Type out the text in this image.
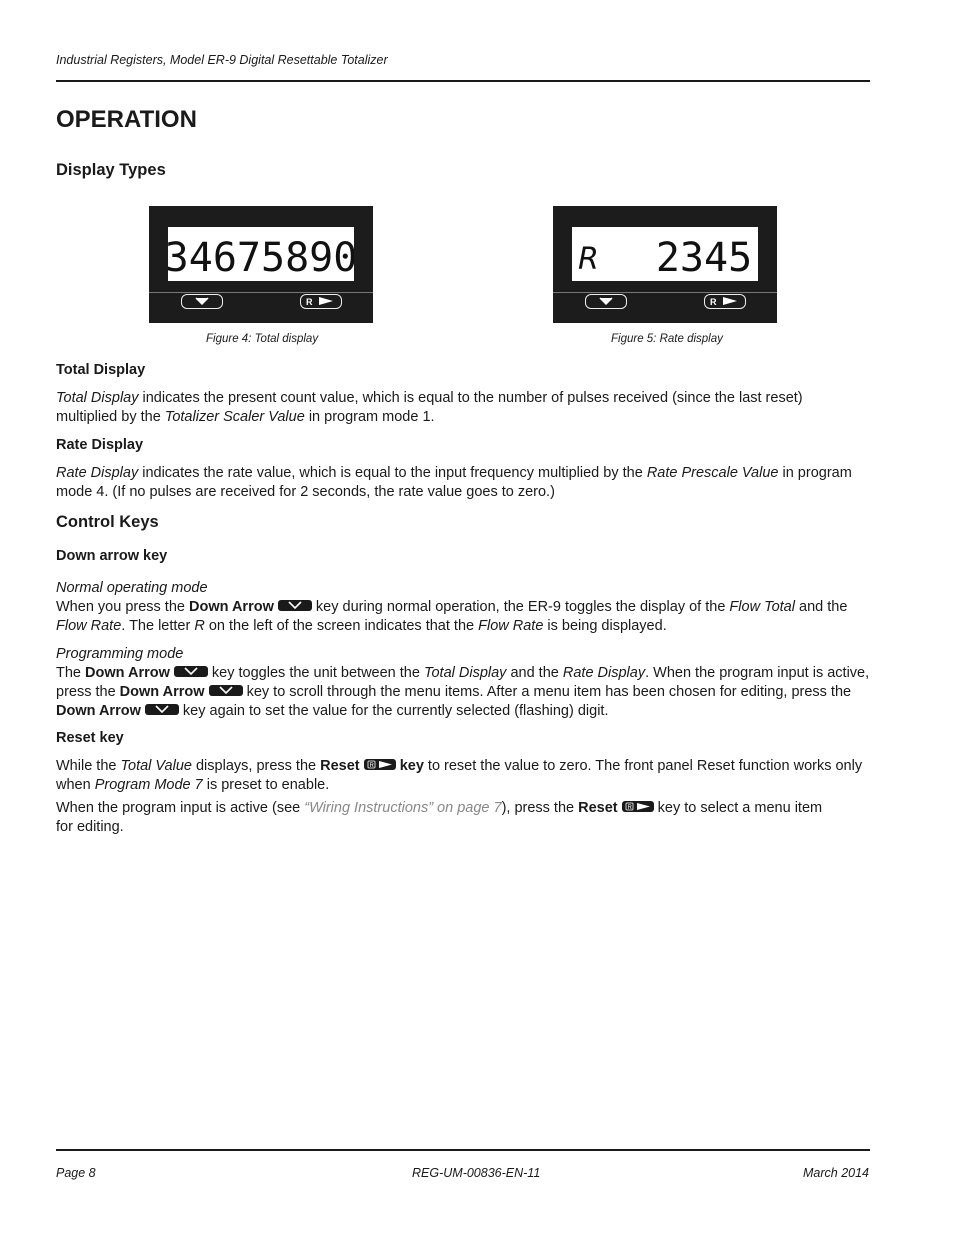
Industrial Registers, Model ER-9 Digital Resettable Totalizer
OPERATION
Display Types
34675890
R
Figure 4: Total display
R 2345
R
Figure 5: Rate display
Total Display

Total Display indicates the present count value, which is equal to the number of pulses received (since the last reset) multiplied by the Totalizer Scaler Value in program mode 1.

Rate Display

Rate Display indicates the rate value, which is equal to the input frequency multiplied by the Rate Prescale Value in program mode 4. (If no pulses are received for 2 seconds, the rate value goes to zero.)

Control Keys
Down arrow key

Normal operating mode

When you press the Down Arrow	key during normal operation, the ER-9 toggles the display of the Flow Total and the Flow Rate. The letter R on the left of the screen indicates that the Flow Rate is being displayed.

Programming mode

The Down Arrow	key toggles the unit between the Total Display and the Rate Display. When the program input is active, press the Down Arrow	key to scroll through the menu items. After a menu item has been chosen for editing, press the Down Arrow	key again to set the value for the currently selected (flashing) digit.

Reset key

While the Total Value displays, press the Reset R key to reset the value to zero. The front panel Reset function works only when Program Mode 7 is preset to enable.

When the program input is active (see “Wiring Instructions” on page 7), press the Reset R key to select a menu item for editing.

Page 8	REG-UM-00836-EN-11	March 2014
